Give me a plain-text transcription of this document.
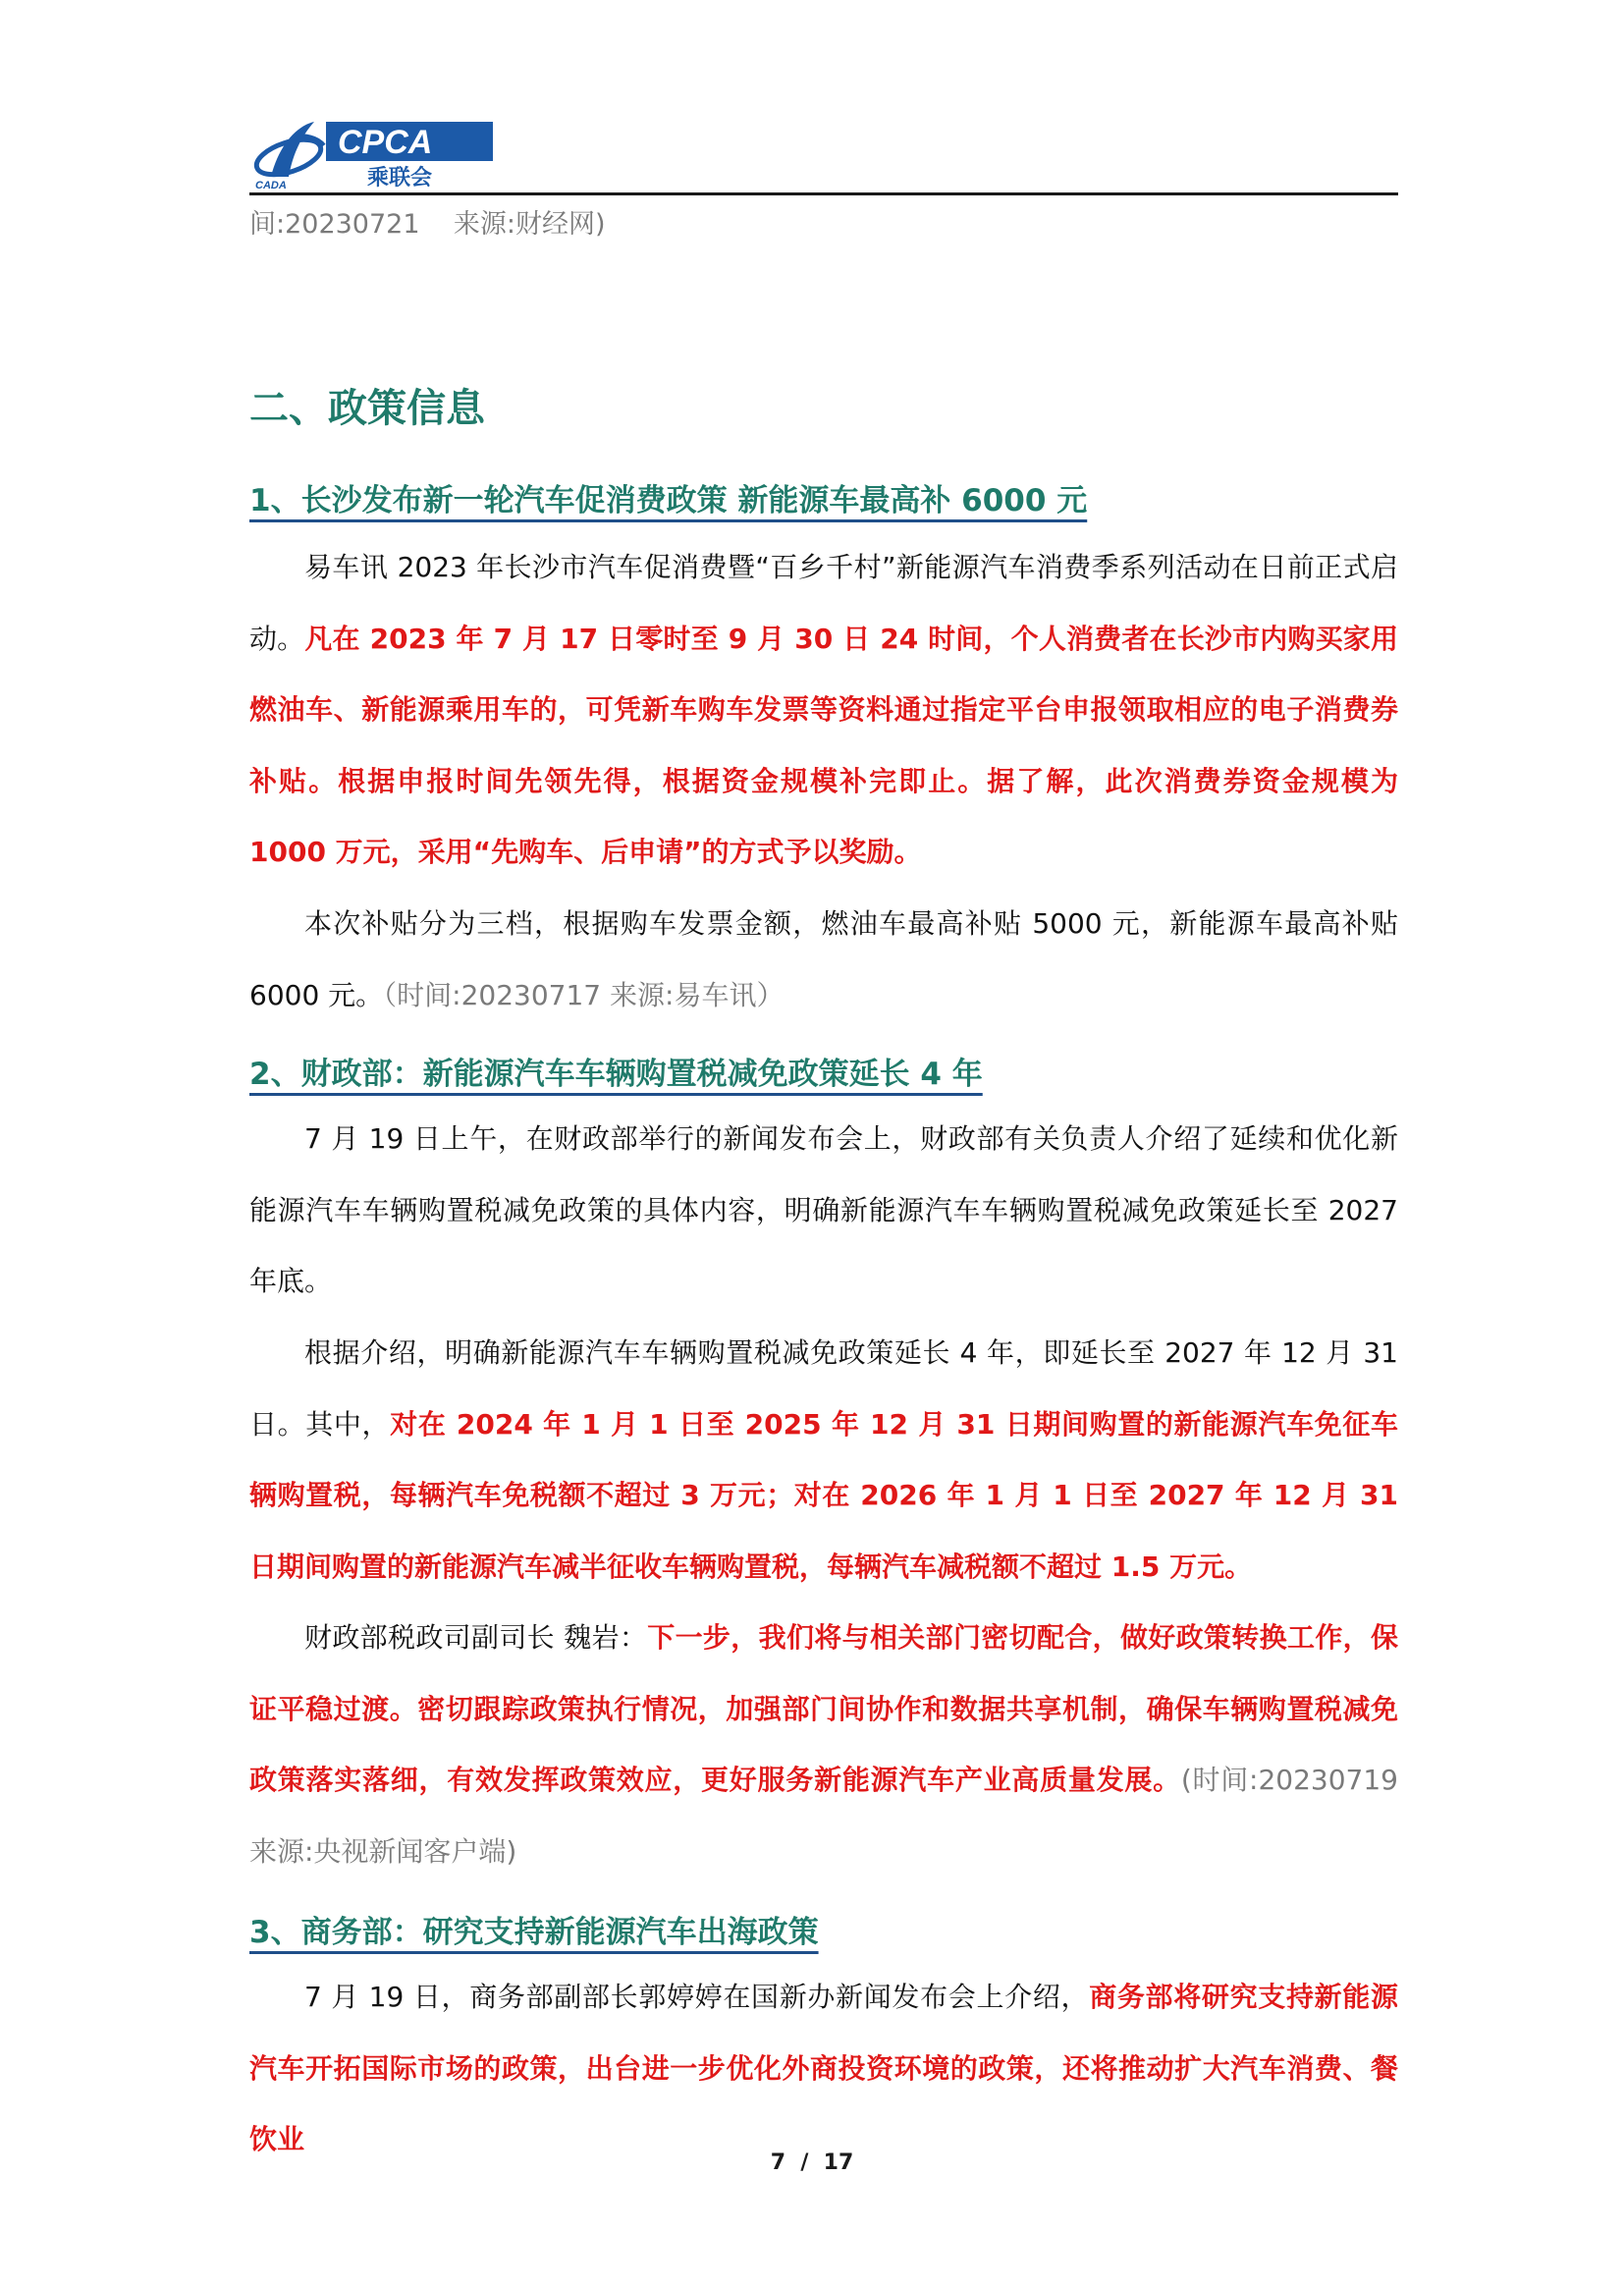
CADA
CPCA
乘联会
间:20230721    来源:财经网)
二、政策信息
1、长沙发布新一轮汽车促消费政策 新能源车最高补 6000 元
易车讯 2023 年长沙市汽车促消费暨“百乡千村”新能源汽车消费季系列活动在日前正式启动。凡在 2023 年 7 月 17 日零时至 9 月 30 日 24 时间，个人消费者在长沙市内购买家用燃油车、新能源乘用车的，可凭新车购车发票等资料通过指定平台申报领取相应的电子消费券补贴。根据申报时间先领先得，根据资金规模补完即止。据了解，此次消费券资金规模为 1000 万元，采用“先购车、后申请”的方式予以奖励。
本次补贴分为三档，根据购车发票金额，燃油车最高补贴 5000 元，新能源车最高补贴 6000 元。（时间:20230717 来源:易车讯）
2、财政部：新能源汽车车辆购置税减免政策延长 4 年
7 月 19 日上午，在财政部举行的新闻发布会上，财政部有关负责人介绍了延续和优化新能源汽车车辆购置税减免政策的具体内容，明确新能源汽车车辆购置税减免政策延长至 2027 年底。
根据介绍，明确新能源汽车车辆购置税减免政策延长 4 年，即延长至 2027 年 12 月 31 日。其中，对在 2024 年 1 月 1 日至 2025 年 12 月 31 日期间购置的新能源汽车免征车辆购置税，每辆汽车免税额不超过 3 万元；对在 2026 年 1 月 1 日至 2027 年 12 月 31 日期间购置的新能源汽车减半征收车辆购置税，每辆汽车减税额不超过 1.5 万元。
财政部税政司副司长 魏岩：下一步，我们将与相关部门密切配合，做好政策转换工作，保证平稳过渡。密切跟踪政策执行情况，加强部门间协作和数据共享机制，确保车辆购置税减免政策落实落细，有效发挥政策效应，更好服务新能源汽车产业高质量发展。(时间:20230719 来源:央视新闻客户端)
3、商务部：研究支持新能源汽车出海政策
7 月 19 日，商务部副部长郭婷婷在国新办新闻发布会上介绍，商务部将研究支持新能源汽车开拓国际市场的政策，出台进一步优化外商投资环境的政策，还将推动扩大汽车消费、餐饮业
7  /  17
